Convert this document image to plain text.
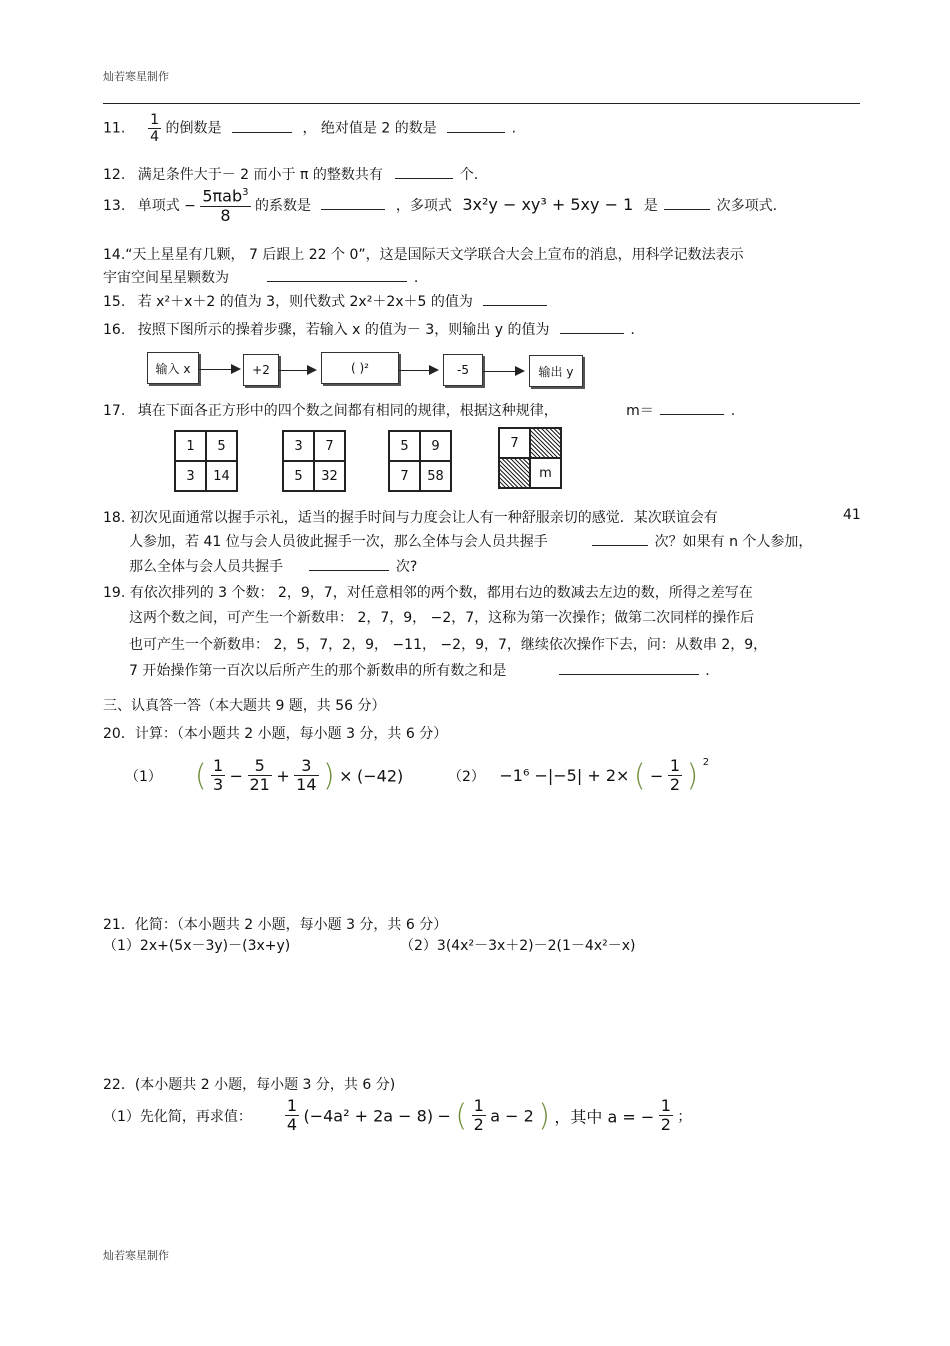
灿若寒星制作
11. $\frac{1}{4}$ 的倒数是	， 绝对值是 2 的数是	.
12. 满足条件大于－ 2 而小于 π 的整数共有	个.
13. 单项式 − $\frac{5\pi ab^3}{8}$ 的系数是	，多项式 3x²y − xy³ + 5xy − 1 是	次多项式.
14.“天上星星有几颗， 7 后跟上 22 个 0”，这是国际天文学联合大会上宣布的消息，用科学记数法表示
宇宙空间星星颗数为	.
15. 若 x²＋x＋2 的值为 3，则代数式 2x²＋2x＋5 的值为
16. 按照下图所示的操着步骤，若输入 x 的值为－ 3，则输出 y 的值为	.
输入 x	+2	( )²	-5	输出 y
17. 填在下面各正方形中的四个数之间都有相同的规律，根据这种规律，	m＝	.
1	5
3	14
3	7
5	32
5	9
7	58
7
m
18. 初次见面通常以握手示礼，适当的握手时间与力度会让人有一种舒服亲切的感觉．某次联谊会有	41
人参加，若 41 位与会人员彼此握手一次，那么全体与会人员共握手	次？如果有 n 个人参加，
那么全体与会人员共握手	次?
19. 有依次排列的 3 个数： 2，9，7，对任意相邻的两个数，都用右边的数减去左边的数，所得之差写在
这两个数之间，可产生一个新数串： 2，7，9， −2，7，这称为第一次操作；做第二次同样的操作后
也可产生一个新数串： 2，5，7，2，9， −11， −2，9，7，继续依次操作下去，问：从数串 2，9，
7 开始操作第一百次以后所产生的那个新数串的所有数之和是	.
三、认真答一答（本大题共 9 题，共 56 分）
20．计算：（本小题共 2 小题，每小题 3 分，共 6 分）
（1） ( $\frac{1}{3} - \frac{5}{21} + \frac{3}{14}$ ) × (−42)	（2） −1⁶ −|−5| + 2× ( − $\frac{1}{2}$ ) $^2$
21．化简：（本小题共 2 小题，每小题 3 分，共 6 分）
（1）2x+(5x－3y)－(3x+y)	（2）3(4x²－3x＋2)－2(1－4x²－x)
22．(本小题共 2 小题，每小题 3 分，共 6 分)
（1）先化简，再求值： $\frac{1}{4} (-4a^2 + 2a - 8)$ − ( $\frac{1}{2}$ a − 2 ) ，其中 a = − $\frac{1}{2}$ ；
灿若寒星制作
